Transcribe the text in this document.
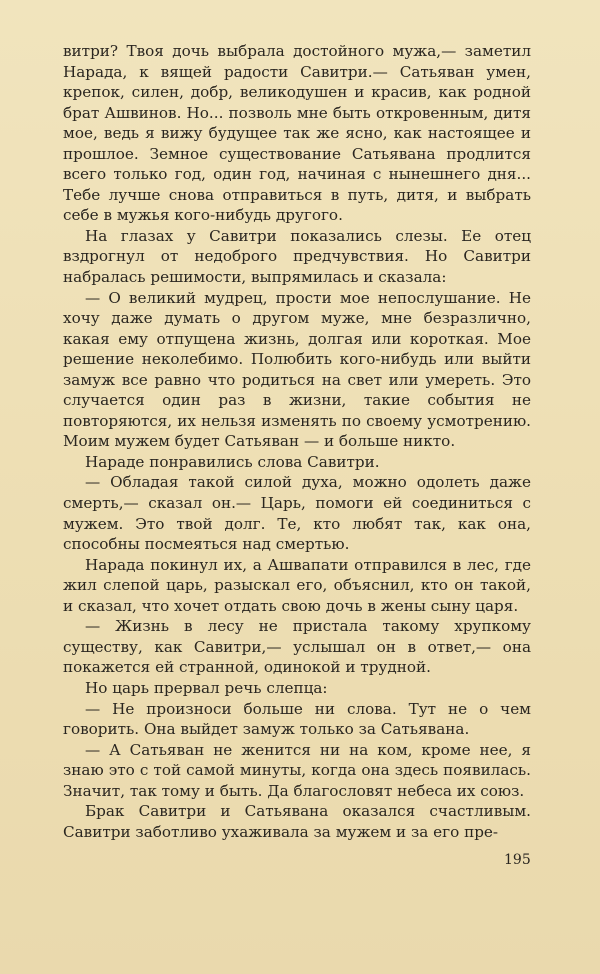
витри? Твоя дочь выбрала достойного мужа,— заметил Нарада, к вящей радости Савитри.— Сатьяван умен, крепок, силен, добр, великодушен и красив, как родной брат Ашвинов. Но... позволь мне быть откровенным, дитя мое, ведь я вижу будущее так же ясно, как настоящее и прошлое. Земное существование Сатьявана продлится всего только год, один год, начиная с нынешнего дня... Тебе лучше снова отправиться в путь, дитя, и выбрать себе в мужья кого-нибудь другого.

На глазах у Савитри показались слезы. Ее отец вздрогнул от недоброго предчувствия. Но Савитри набралась решимости, выпрямилась и сказала:

— О великий мудрец, прости мое непослушание. Не хочу даже думать о другом муже, мне безразлично, какая ему отпущена жизнь, долгая или короткая. Мое решение неколебимо. Полюбить кого-нибудь или выйти замуж все равно что родиться на свет или умереть. Это случается один раз в жизни, такие события не повторяются, их нельзя изменять по своему усмотрению. Моим мужем будет Сатьяван — и больше никто.

Нараде понравились слова Савитри.

— Обладая такой силой духа, можно одолеть даже смерть,— сказал он.— Царь, помоги ей соединиться с мужем. Это твой долг. Те, кто любят так, как она, способны посмеяться над смертью.

Нарада покинул их, а Ашвапати отправился в лес, где жил слепой царь, разыскал его, объяснил, кто он такой, и сказал, что хочет отдать свою дочь в жены сыну царя.

— Жизнь в лесу не пристала такому хрупкому существу, как Савитри,— услышал он в ответ,— она покажется ей странной, одинокой и трудной.

Но царь прервал речь слепца:

— Не произноси больше ни слова. Тут не о чем говорить. Она выйдет замуж только за Сатьявана.

— А Сатьяван не женится ни на ком, кроме нее, я знаю это с той самой минуты, когда она здесь появилась. Значит, так тому и быть. Да благословят небеса их союз.

Брак Савитри и Сатьявана оказался счастливым. Савитри заботливо ухаживала за мужем и за его пре-

195
